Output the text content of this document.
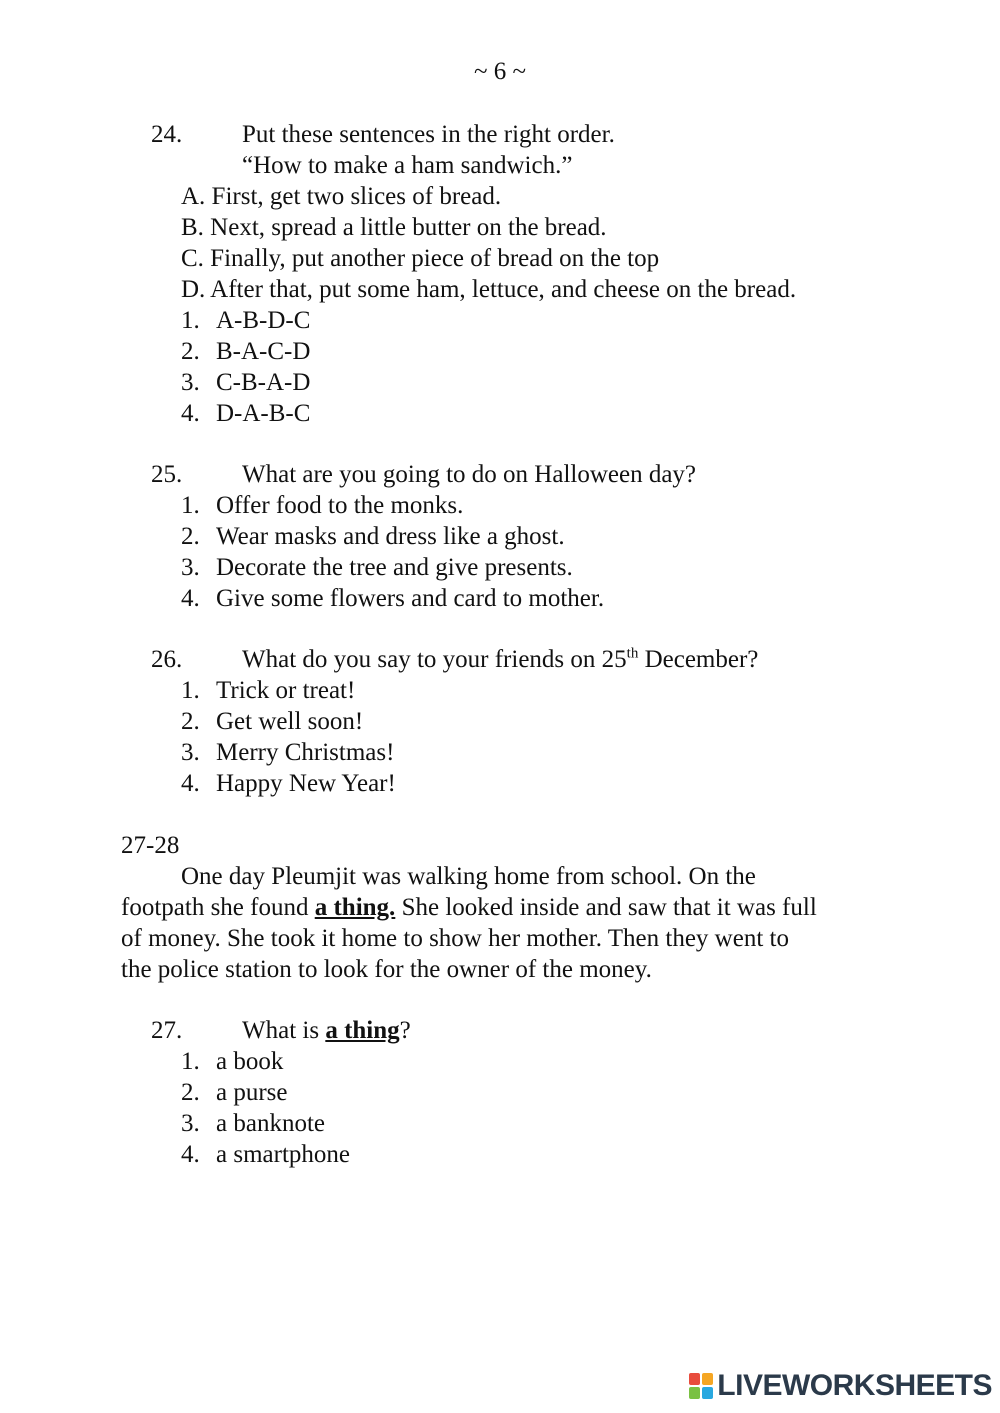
~ 6 ~
24. Put these sentences in the right order.
“How to make a ham sandwich.”
A. First, get two slices of bread.
B. Next, spread a little butter on the bread.
C. Finally, put another piece of bread on the top
D. After that, put some ham, lettuce, and cheese on the bread.
1. A-B-D-C
2. B-A-C-D
3. C-B-A-D
4. D-A-B-C
25. What are you going to do on Halloween day?
1. Offer food to the monks.
2. Wear masks and dress like a ghost.
3. Decorate the tree and give presents.
4. Give some flowers and card to mother.
26. What do you say to your friends on 25th December?
1. Trick or treat!
2. Get well soon!
3. Merry Christmas!
4. Happy New Year!
27-28
One day Pleumjit was walking home from school. On the
footpath she found a thing. She looked inside and saw that it was full
of money. She took it home to show her mother. Then they went to
the police station to look for the owner of the money.
27. What is a thing?
1. a book
2. a purse
3. a banknote
4. a smartphone
LIVEWORKSHEETS
